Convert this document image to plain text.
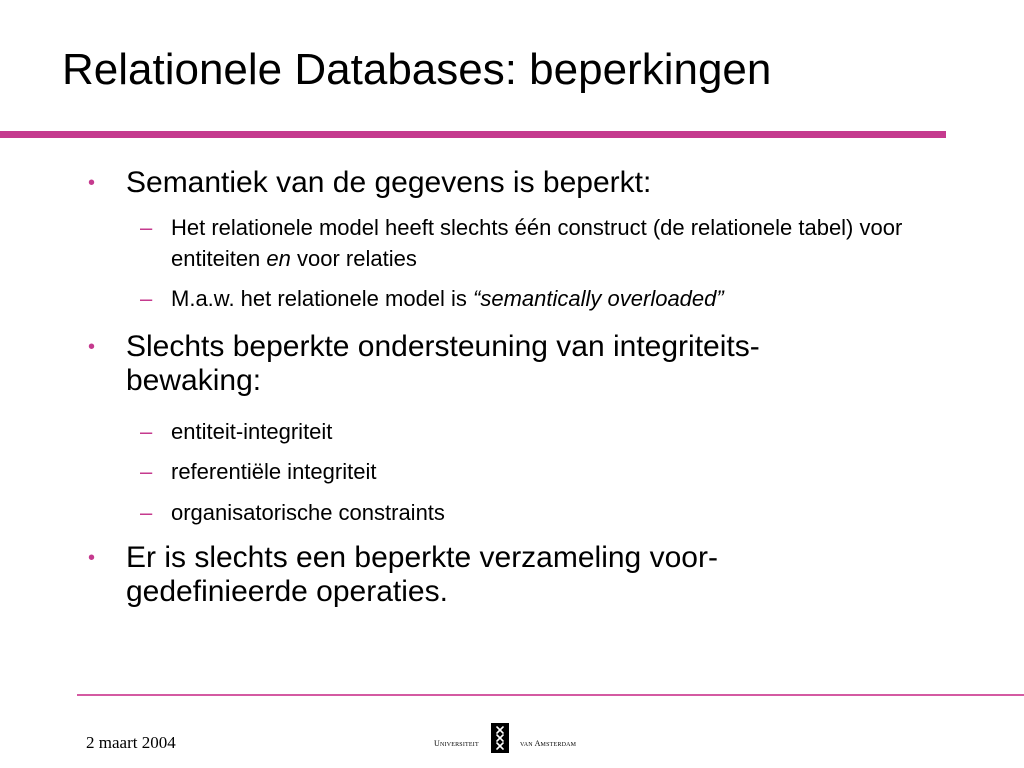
Relationele Databases: beperkingen
• Semantiek van de gegevens is beperkt:
– Het relationele model heeft slechts één construct (de relationele tabel) voor entiteiten en voor relaties
– M.a.w. het relationele model is “semantically overloaded”
• Slechts beperkte ondersteuning van integriteits-bewaking:
– entiteit-integriteit
– referentiële integriteit
– organisatorische constraints
• Er is slechts een beperkte verzameling voor-gedefinieerde operaties.
2 maart 2004	Universiteit	van Amsterdam
